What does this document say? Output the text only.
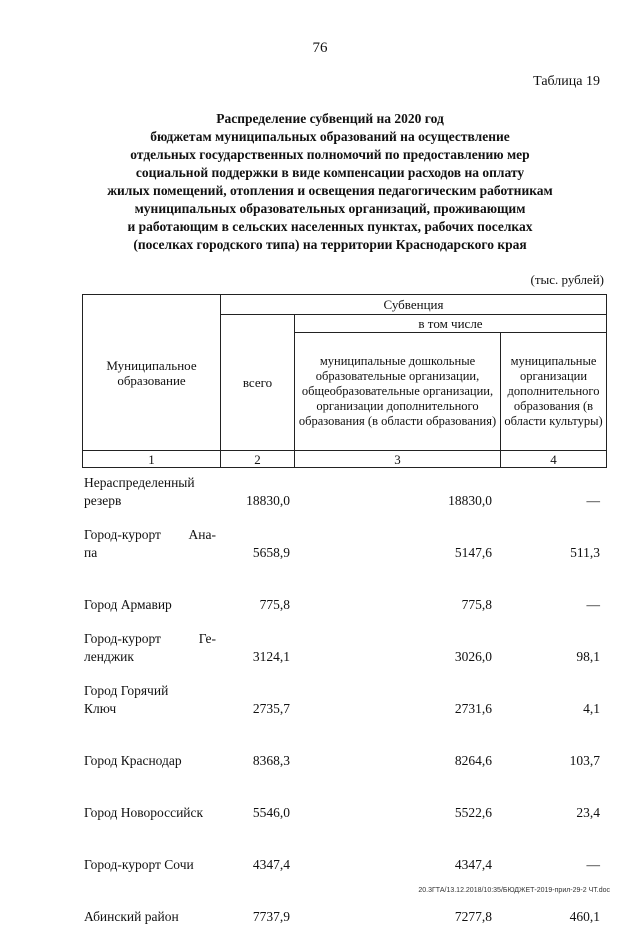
76
Таблица 19
Распределение субвенций на 2020 год
бюджетам муниципальных образований на осуществление
отдельных государственных полномочий по предоставлению мер
социальной поддержки в виде компенсации расходов на оплату
жилых помещений, отопления и освещения педагогическим работникам
муниципальных образовательных организаций, проживающим
и работающим в сельских населенных пунктах, рабочих поселках
(поселках городского типа) на территории Краснодарского края
(тыс. рублей)
Муниципальное образование
Субвенция
всего
в том числе
муниципальные дошкольные образовательные организации, общеобразовательные организации, организации дополнительного образования (в области образования)
муниципальные организации дополнительного образования (в области культуры)
1	2	3	4
Нераспределенный
резерв	18830,0	18830,0	—
Город-курорт Ана-
па	5658,9	5147,6	511,3
Город Армавир	775,8	775,8	—
Город-курорт Ге-
ленджик	3124,1	3026,0	98,1
Город Горячий
Ключ	2735,7	2731,6	4,1
Город Краснодар	8368,3	8264,6	103,7
Город Новороссийск	5546,0	5522,6	23,4
Город-курорт Сочи	4347,4	4347,4	—
Абинский район	7737,9	7277,8	460,1
20.3ГТА/13.12.2018/10:35/БЮДЖЕТ-2019-прил-29-2 ЧТ.doc
